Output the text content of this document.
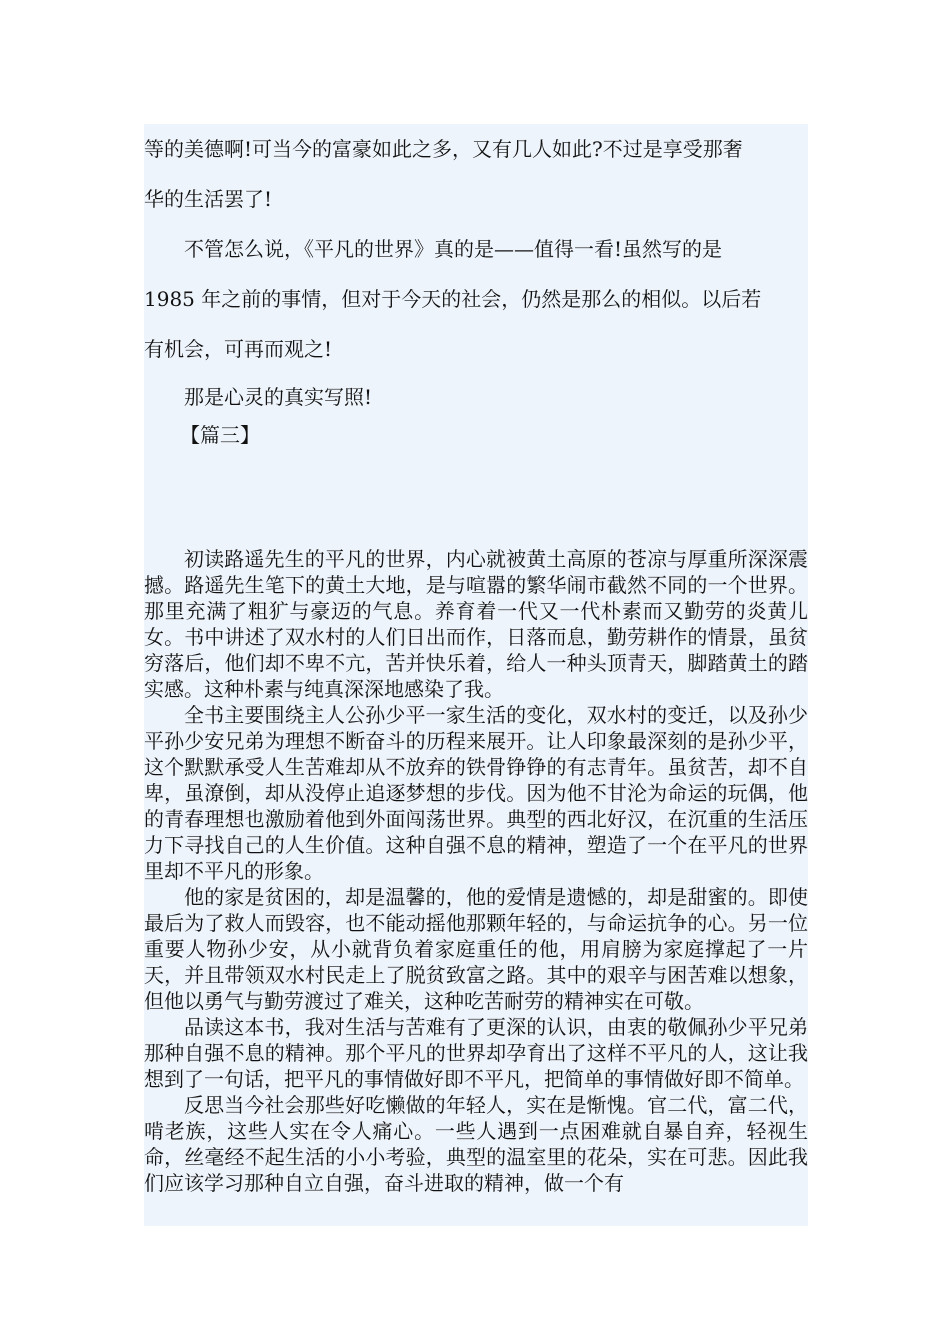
等的美德啊!可当今的富豪如此之多，又有几人如此?不过是享受那奢

华的生活罢了!

不管怎么说，《平凡的世界》真的是——值得一看!虽然写的是

1985 年之前的事情，但对于今天的社会，仍然是那么的相似。以后若

有机会，可再而观之!

那是心灵的真实写照!

【篇三】

初读路遥先生的平凡的世界，内心就被黄土高原的苍凉与厚重所深深震撼。路遥先生笔下的黄土大地，是与喧嚣的繁华闹市截然不同的一个世界。那里充满了粗犷与豪迈的气息。养育着一代又一代朴素而又勤劳的炎黄儿女。书中讲述了双水村的人们日出而作，日落而息，勤劳耕作的情景，虽贫穷落后，他们却不卑不亢，苦并快乐着，给人一种头顶青天，脚踏黄土的踏实感。这种朴素与纯真深深地感染了我。

全书主要围绕主人公孙少平一家生活的变化，双水村的变迁，以及孙少平孙少安兄弟为理想不断奋斗的历程来展开。让人印象最深刻的是孙少平，这个默默承受人生苦难却从不放弃的铁骨铮铮的有志青年。虽贫苦，却不自卑，虽潦倒，却从没停止追逐梦想的步伐。因为他不甘沦为命运的玩偶，他的青春理想也激励着他到外面闯荡世界。典型的西北好汉，在沉重的生活压力下寻找自己的人生价值。这种自强不息的精神，塑造了一个在平凡的世界里却不平凡的形象。

他的家是贫困的，却是温馨的，他的爱情是遗憾的，却是甜蜜的。即使最后为了救人而毁容，也不能动摇他那颗年轻的，与命运抗争的心。另一位重要人物孙少安，从小就背负着家庭重任的他，用肩膀为家庭撑起了一片天，并且带领双水村民走上了脱贫致富之路。其中的艰辛与困苦难以想象，但他以勇气与勤劳渡过了难关，这种吃苦耐劳的精神实在可敬。

品读这本书，我对生活与苦难有了更深的认识，由衷的敬佩孙少平兄弟那种自强不息的精神。那个平凡的世界却孕育出了这样不平凡的人，这让我想到了一句话，把平凡的事情做好即不平凡，把简单的事情做好即不简单。

反思当今社会那些好吃懒做的年轻人，实在是惭愧。官二代，富二代，啃老族，这些人实在令人痛心。一些人遇到一点困难就自暴自弃，轻视生命，丝毫经不起生活的小小考验，典型的温室里的花朵，实在可悲。因此我们应该学习那种自立自强，奋斗进取的精神，做一个有
